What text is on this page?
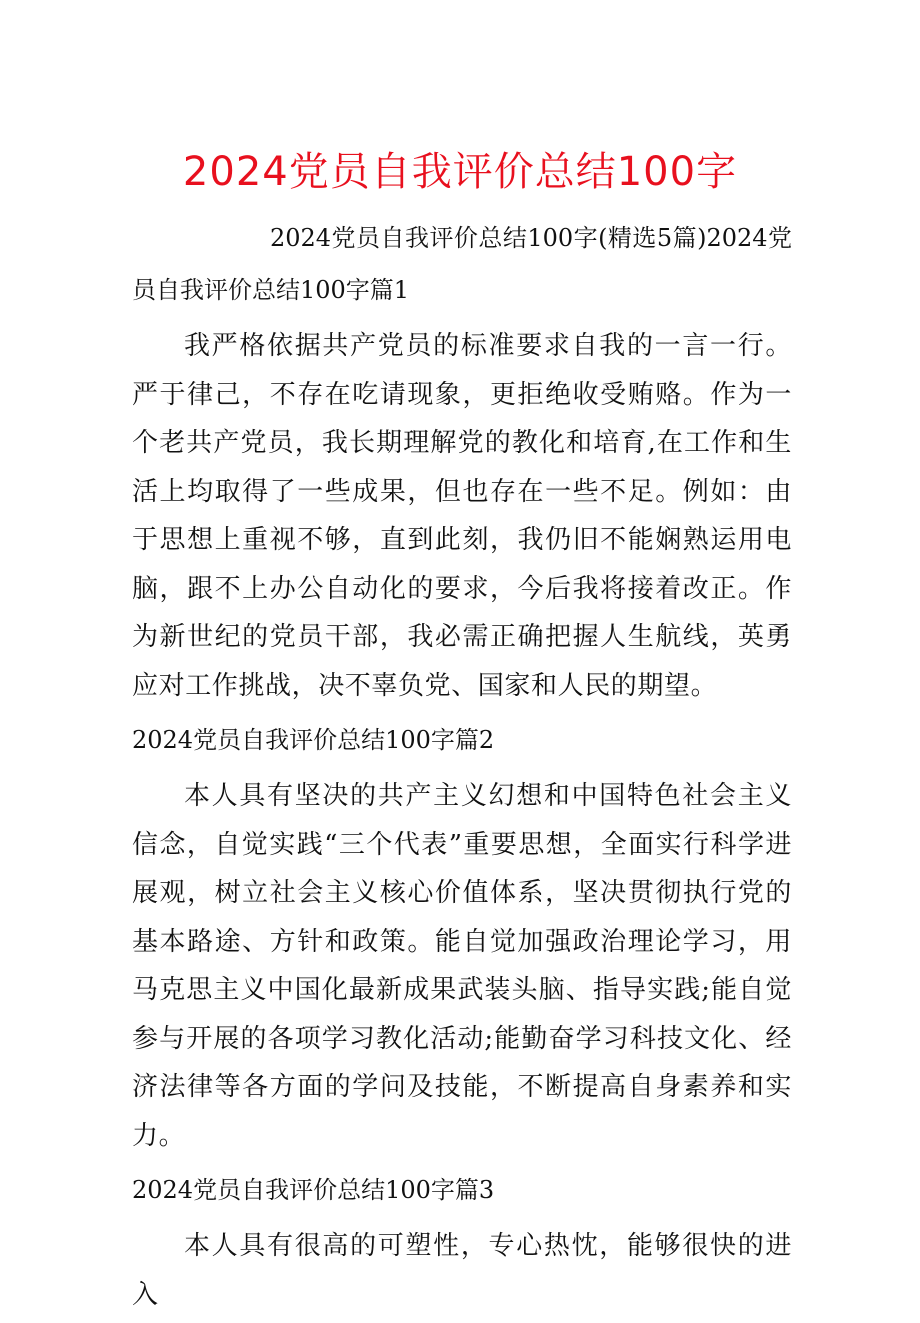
2024党员自我评价总结100字

2024党员自我评价总结100字(精选5篇)2024党员自我评价总结100字篇1

我严格依据共产党员的标准要求自我的一言一行。严于律己，不存在吃请现象，更拒绝收受贿赂。作为一个老共产党员，我长期理解党的教化和培育,在工作和生活上均取得了一些成果，但也存在一些不足。例如：由于思想上重视不够，直到此刻，我仍旧不能娴熟运用电脑，跟不上办公自动化的要求，今后我将接着改正。作为新世纪的党员干部，我必需正确把握人生航线，英勇应对工作挑战，决不辜负党、国家和人民的期望。

2024党员自我评价总结100字篇2

本人具有坚决的共产主义幻想和中国特色社会主义信念，自觉实践“三个代表”重要思想，全面实行科学进展观，树立社会主义核心价值体系，坚决贯彻执行党的基本路途、方针和政策。能自觉加强政治理论学习，用马克思主义中国化最新成果武装头脑、指导实践;能自觉参与开展的各项学习教化活动;能勤奋学习科技文化、经济法律等各方面的学问及技能，不断提高自身素养和实力。

2024党员自我评价总结100字篇3

本人具有很高的可塑性，专心热忱，能够很快的进入
